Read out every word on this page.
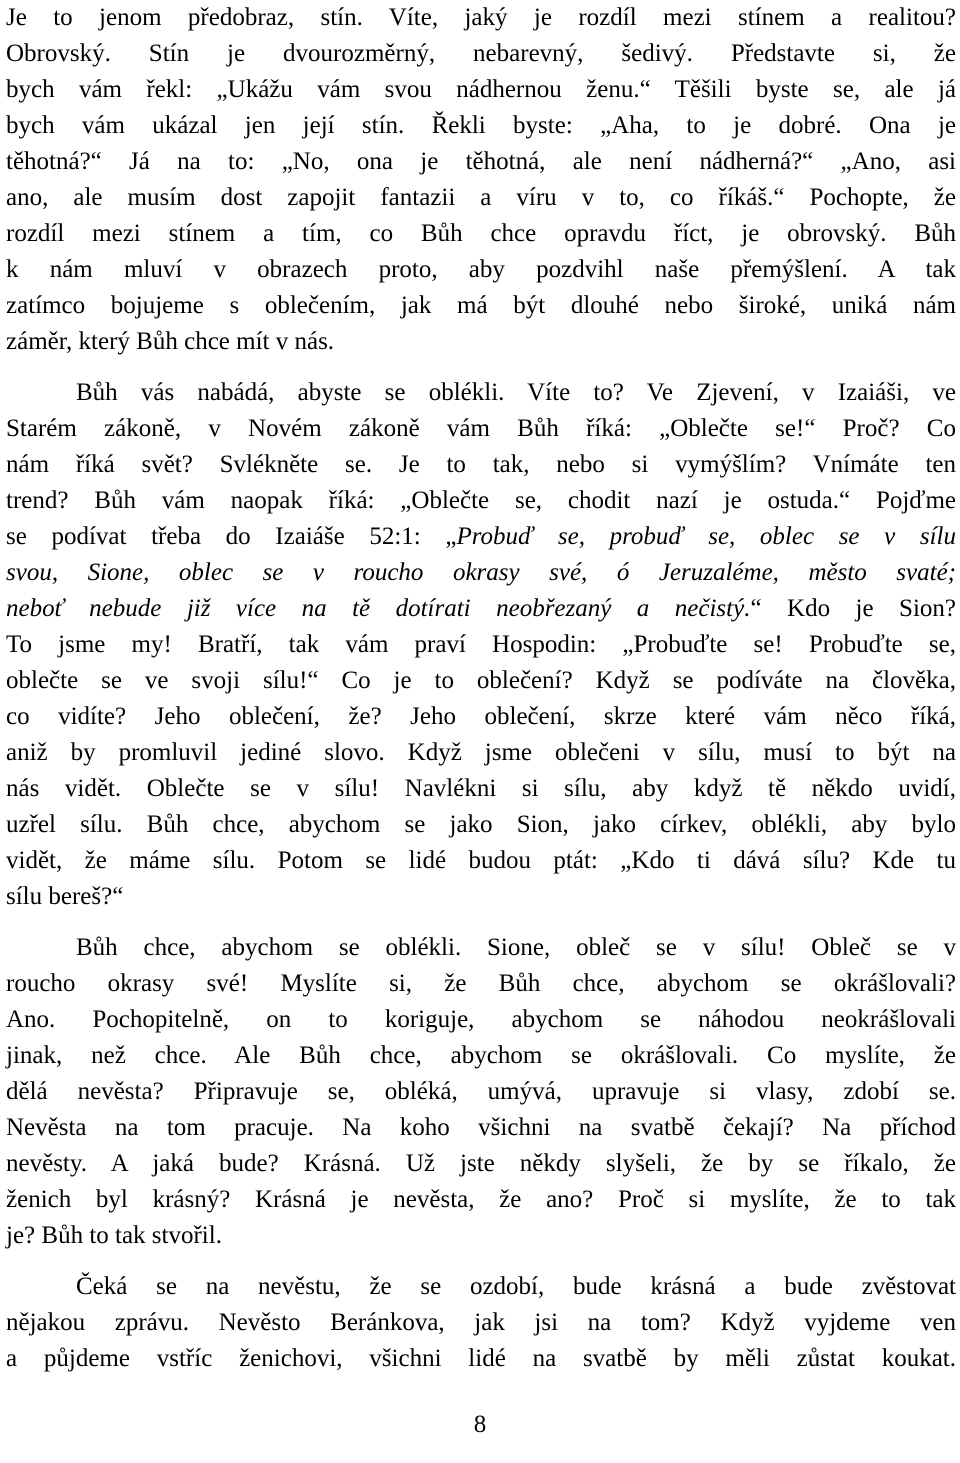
Je to jenom předobraz, stín. Víte, jaký je rozdíl mezi stínem a realitou?
Obrovský. Stín je dvourozměrný, nebarevný, šedivý. Představte si, že
bych vám řekl: „Ukážu vám svou nádhernou ženu.“ Těšili byste se, ale já
bych vám ukázal jen její stín. Řekli byste: „Aha, to je dobré. Ona je
těhotná?“ Já na to: „No, ona je těhotná, ale není nádherná?“ „Ano, asi
ano, ale musím dost zapojit fantazii a víru v to, co říkáš.“ Pochopte, že
rozdíl mezi stínem a tím, co Bůh chce opravdu říct, je obrovský. Bůh
k nám mluví v obrazech proto, aby pozdvihl naše přemýšlení. A tak
zatímco bojujeme s oblečením, jak má být dlouhé nebo široké, uniká nám
záměr, který Bůh chce mít v nás.
Bůh vás nabádá, abyste se oblékli. Víte to? Ve Zjevení, v Izaiáši, ve
Starém zákoně, v Novém zákoně vám Bůh říká: „Oblečte se!“ Proč? Co
nám říká svět? Svlékněte se. Je to tak, nebo si vymýšlím? Vnímáte ten
trend? Bůh vám naopak říká: „Oblečte se, chodit nazí je ostuda.“ Pojďme
se podívat třeba do Izaiáše 52:1: „Probuď se, probuď se, oblec se v sílu
svou, Sione, oblec se v roucho okrasy své, ó Jeruzaléme, město svaté;
neboť nebude již více na tě dotírati neobřezaný a nečistý.“ Kdo je Sion?
To jsme my! Bratří, tak vám praví Hospodin: „Probuďte se! Probuďte se,
oblečte se ve svoji sílu!“ Co je to oblečení? Když se podíváte na člověka,
co vidíte? Jeho oblečení, že? Jeho oblečení, skrze které vám něco říká,
aniž by promluvil jediné slovo. Když jsme oblečeni v sílu, musí to být na
nás vidět. Oblečte se v sílu! Navlékni si sílu, aby když tě někdo uvidí,
uzřel sílu. Bůh chce, abychom se jako Sion, jako církev, oblékli, aby bylo
vidět, že máme sílu. Potom se lidé budou ptát: „Kdo ti dává sílu? Kde tu
sílu bereš?“
Bůh chce, abychom se oblékli. Sione, obleč se v sílu! Obleč se v
roucho okrasy své! Myslíte si, že Bůh chce, abychom se okrášlovali?
Ano. Pochopitelně, on to koriguje, abychom se náhodou neokrášlovali
jinak, než chce. Ale Bůh chce, abychom se okrášlovali. Co myslíte, že
dělá nevěsta? Připravuje se, obléká, umývá, upravuje si vlasy, zdobí se.
Nevěsta na tom pracuje. Na koho všichni na svatbě čekají? Na příchod
nevěsty. A jaká bude? Krásná. Už jste někdy slyšeli, že by se říkalo, že
ženich byl krásný? Krásná je nevěsta, že ano? Proč si myslíte, že to tak
je? Bůh to tak stvořil.
Čeká se na nevěstu, že se ozdobí, bude krásná a bude zvěstovat
nějakou zprávu. Nevěsto Beránkova, jak jsi na tom? Když vyjdeme ven
a půjdeme vstříc ženichovi, všichni lidé na svatbě by měli zůstat koukat.
8
